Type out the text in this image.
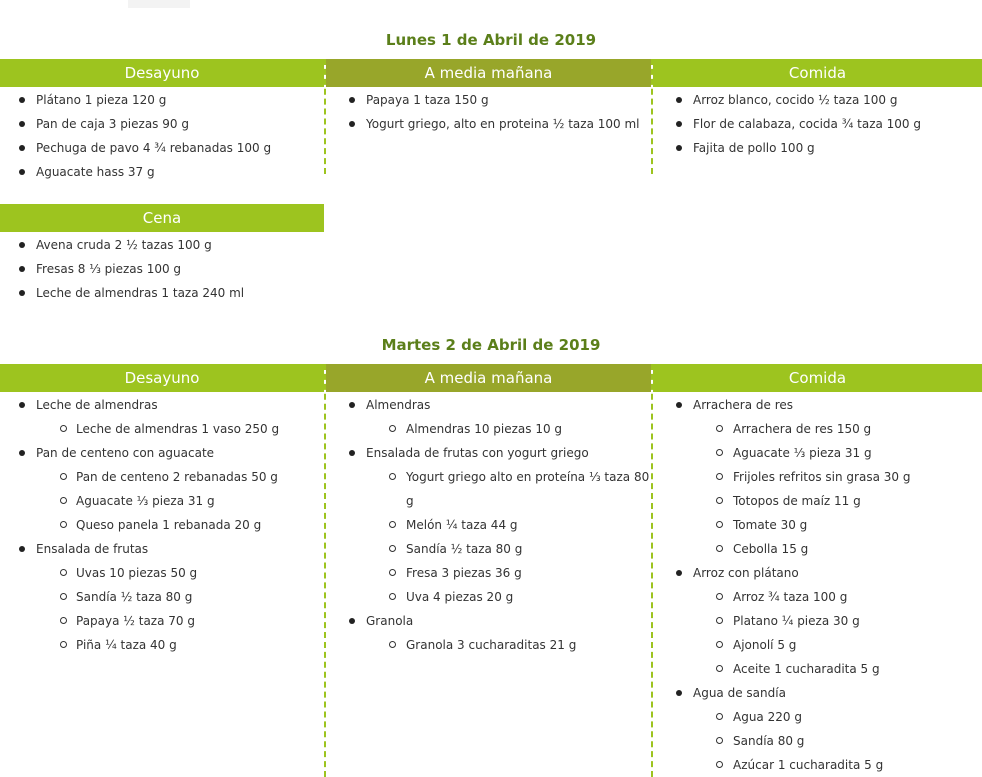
Lunes 1 de Abril de 2019
Desayuno
Plátano 1 pieza 120 g
Pan de caja 3 piezas 90 g
Pechuga de pavo 4 ¾ rebanadas 100 g
Aguacate hass 37 g
A media mañana
Papaya 1 taza 150 g
Yogurt griego, alto en proteina ½ taza 100 ml
Comida
Arroz blanco, cocido ½ taza 100 g
Flor de calabaza, cocida ¾ taza 100 g
Fajita de pollo 100 g
Cena
Avena cruda 2 ½ tazas 100 g
Fresas 8 ⅓ piezas 100 g
Leche de almendras 1 taza 240 ml
Martes 2 de Abril de 2019
Desayuno
Leche de almendras
Leche de almendras 1 vaso 250 g
Pan de centeno con aguacate
Pan de centeno 2 rebanadas 50 g
Aguacate ⅓ pieza 31 g
Queso panela 1 rebanada 20 g
Ensalada de frutas
Uvas 10 piezas 50 g
Sandía ½ taza 80 g
Papaya ½ taza 70 g
Piña ¼ taza 40 g
A media mañana
Almendras
Almendras 10 piezas 10 g
Ensalada de frutas con yogurt griego
Yogurt griego alto en proteína ⅓ taza 80
g
Melón ¼ taza 44 g
Sandía ½ taza 80 g
Fresa 3 piezas 36 g
Uva 4 piezas 20 g
Granola
Granola 3 cucharaditas 21 g
Comida
Arrachera de res
Arrachera de res 150 g
Aguacate ⅓ pieza 31 g
Frijoles refritos sin grasa 30 g
Totopos de maíz 11 g
Tomate 30 g
Cebolla 15 g
Arroz con plátano
Arroz ¾ taza 100 g
Platano ¼ pieza 30 g
Ajonolí 5 g
Aceite 1 cucharadita 5 g
Agua de sandía
Agua 220 g
Sandía 80 g
Azúcar 1 cucharadita 5 g
